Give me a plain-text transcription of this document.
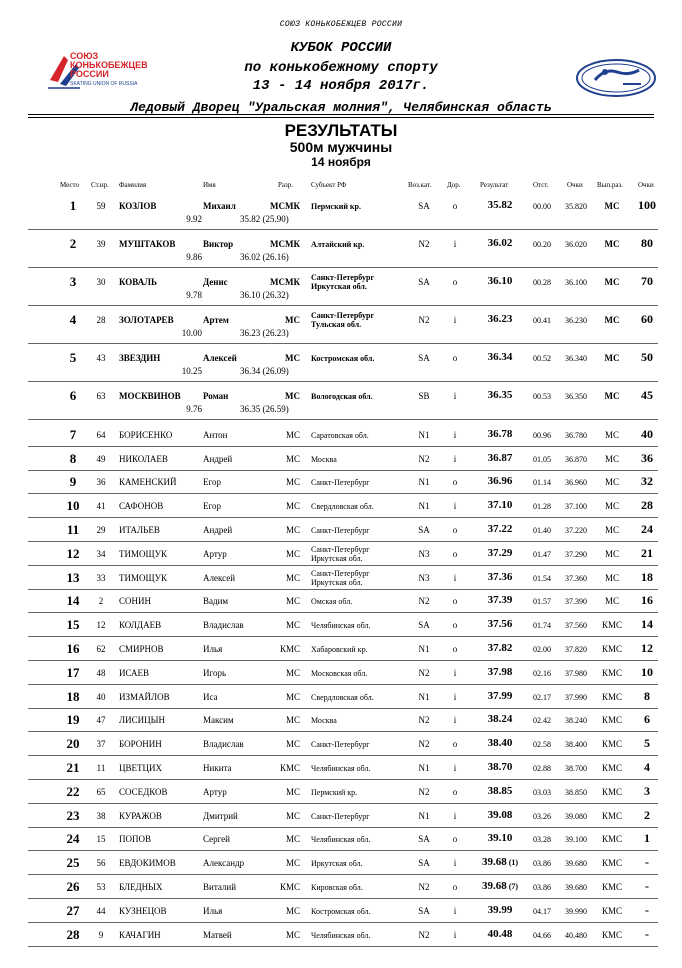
СОЮЗ КОНЬКОБЕЖЦЕВ РОССИИ
КУБОК РОССИИ
по конькобежному спорту
13 - 14 ноября 2017г.
Ледовый Дворец "Уральская молния", Челябинская область
РЕЗУЛЬТАТЫ
500м мужчины
14 ноября
СОЮЗ
КОНЬКОБЕЖЦЕВ
РОССИИ
SKATING UNION OF RUSSIA
Место Ст.нр. Фамилия	Имя	Разр.	Субъект РФ	Воз.кат. Дор.	Результат	Отст.	Очки Вып.раз. Очки
1	59	КОЗЛОВ	Михаил	МСМК Пермский кр.	SA	o	35.82	00.00	35.820	МС	100
9.92	35.82 (25.90)
2	39	МУШТАКОВ	Виктор	МСМК Алтайский кр.	N2	i	36.02	00.20	36.020	МС	80
9.86	36.02 (26.16)
3	30	КОВАЛЬ	Денис	МСМК Санкт-Петербург
Иркутская обл.	SA	o	36.10	00.28	36.100	МС	70
9.78	36.10 (26.32)
4	28	ЗОЛОТАРЕВ	Артем	МС Санкт-Петербург
Тульская обл.	N2	i	36.23	00.41	36.230	МС	60
10.00	36.23 (26.23)
5	43	ЗВЕЗДИН	Алексей	МС Костромская обл.	SA	o	36.34	00.52	36.340	МС	50
10.25	36.34 (26.09)
6	63	МОСКВИНОВ Роман	МС Вологодская обл.	SB	i	36.35	00.53	36.350	МС	45
9.76	36.35 (26.59)
7	64	БОРИСЕНКО	Антон	МС Саратовская обл.	N1	i	36.78	00.96	36.780	МС	40
8	49	НИКОЛАЕВ	Андрей	МС Москва	N2	i	36.87	01.05	36.870	МС	36
9	36	КАМЕНСКИЙ	Егор	МС Санкт-Петербург	N1	o	36.96	01.14	36.960	МС	32
10	41	САФОНОВ	Егор	МС Свердловская обл.	N1	i	37.10	01.28	37.100	МС	28
11	29	ИТАЛЬЕВ	Андрей	МС Санкт-Петербург	SA	o	37.22	01.40	37.220	МС	24
12	34	ТИМОЩУК	Артур	МС Санкт-Петербург
Иркутская обл.	N3	o	37.29	01.47	37.290	МС	21
13	33	ТИМОЩУК	Алексей	МС Санкт-Петербург
Иркутская обл.	N3	i	37.36	01.54	37.360	МС	18
14	2	СОНИН	Вадим	МС Омская обл.	N2	o	37.39	01.57	37.390	МС	16
15	12	КОЛДАЕВ	Владислав	МС Челябинская обл.	SA	o	37.56	01.74	37.560	КМС	14
16	62	СМИРНОВ	Илья	КМС Хабаровский кр.	N1	o	37.82	02.00	37.820	КМС	12
17	48	ИСАЕВ	Игорь	МС Московская обл.	N2	i	37.98	02.16	37.980	КМС	10
18	40	ИЗМАЙЛОВ	Иса	МС Свердловская обл.	N1	i	37.99	02.17	37.990	КМС	8
19	47	ЛИСИЦЫН	Максим	МС Москва	N2	i	38.24	02.42	38.240	КМС	6
20	37	БОРОНИН	Владислав	МС Санкт-Петербург	N2	o	38.40	02.58	38.400	КМС	5
21	11	ЦВЕТЦИХ	Никита	КМС Челябинская обл.	N1	i	38.70	02.88	38.700	КМС	4
22	65	СОСЕДКОВ	Артур	МС Пермский кр.	N2	o	38.85	03.03	38.850	КМС	3
23	38	КУРАЖОВ	Дмитрий	МС Санкт-Петербург	N1	i	39.08	03.26	39.080	КМС	2
24	15	ПОПОВ	Сергей	МС Челябинская обл.	SA	o	39.10	03.28	39.100	КМС	1
25	56	ЕВДОКИМОВ	Александр	МС Иркутская обл.	SA	i	39.68 (1)	03.86	39.680	КМС	-
26	53	БЛЕДНЫХ	Виталий	КМС Кировская обл.	N2	o	39.68 (7)	03.86	39.680	КМС	-
27	44	КУЗНЕЦОВ	Илья	МС Костромская обл.	SA	i	39.99	04.17	39.990	КМС	-
28	9	КАЧАГИН	Матвей	МС Челябинская обл.	N2	i	40.48	04.66	40.480	КМС	-
